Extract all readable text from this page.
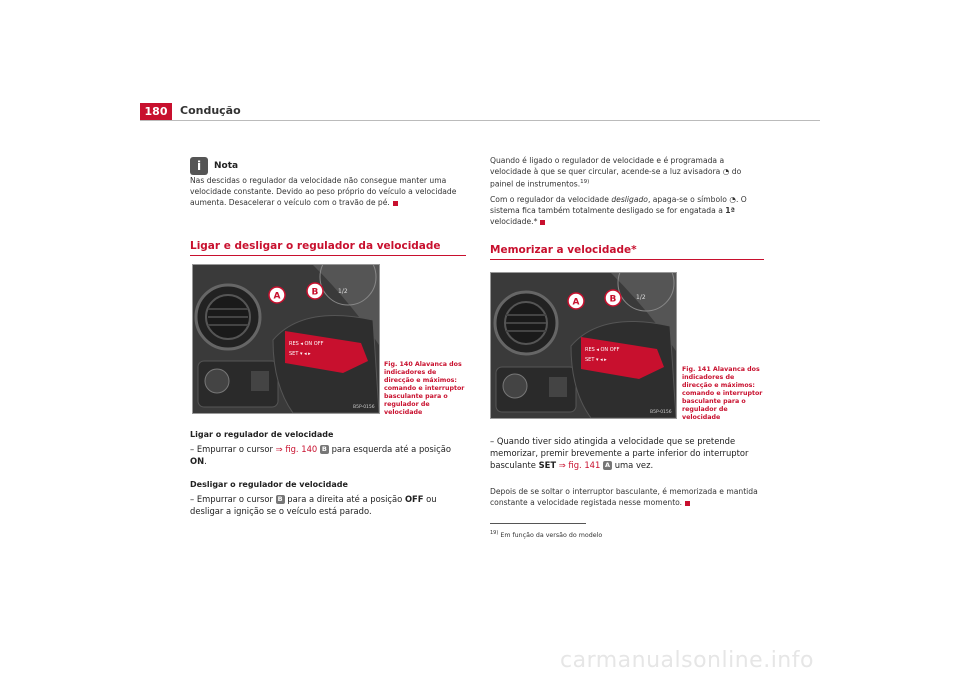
180	Condução
i	Nota
Nas descidas o regulador da velocidade não consegue manter uma velocidade constante. Devido ao peso próprio do veículo a velocidade aumenta. Desacelerar o veículo com o travão de pé.
Ligar e desligar o regulador da velocidade
RES ◂ ON OFF
SET ▾ ◂ ▸
1/2
A	B
B5P-0156
Fig. 140 Alavanca dos indicadores de direcção e máximos: comando e interruptor basculante para o regulador de velocidade
Ligar o regulador de velocidade
– Empurrar o cursor ⇒ fig. 140 B para esquerda até a posição ON.
Desligar o regulador de velocidade
– Empurrar o cursor B para a direita até a posição OFF ou desligar a ignição se o veículo está parado.
Quando é ligado o regulador de velocidade e é programada a velocidade à que se quer circular, acende-se a luz avisadora ◔ do painel de instrumentos.$^{19)}$
Com o regulador da velocidade desligado, apaga-se o símbolo ◔. O sistema fica também totalmente desligado se for engatada a 1ª velocidade.*
Memorizar a velocidade*
RES ◂ ON OFF
SET ▾ ◂ ▸
1/2
A	B
B5P-0156
Fig. 141 Alavanca dos indicadores de direcção e máximos: comando e interruptor basculante para o regulador de velocidade
– Quando tiver sido atingida a velocidade que se pretende memorizar, premir brevemente a parte inferior do interruptor basculante SET ⇒ fig. 141 A uma vez.
Depois de se soltar o interruptor basculante, é memorizada e mantida constante a velocidade registada nesse momento.
$^{19)}$ Em função da versão do modelo
carmanualsonline.info
